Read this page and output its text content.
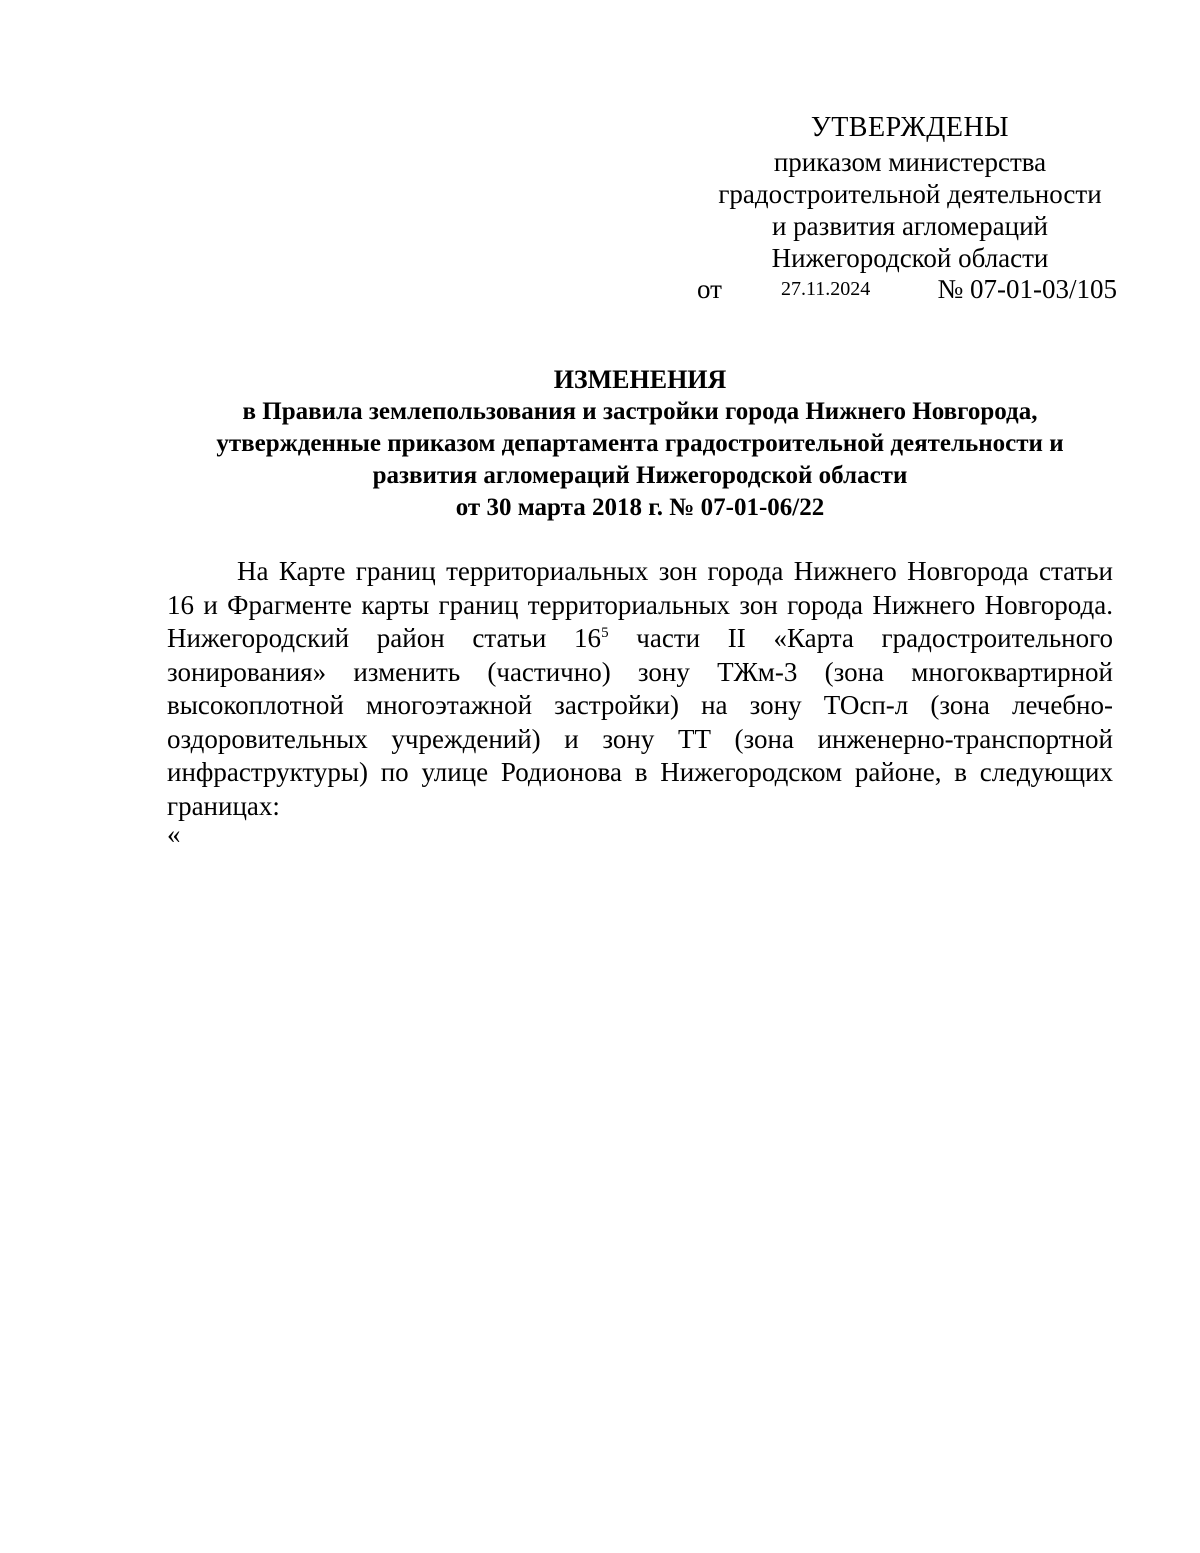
УТВЕРЖДЕНЫ
приказом министерства
градостроительной деятельности
и развития агломераций
Нижегородской области
от	27.11.2024 № 07-01-03/105
ИЗМЕНЕНИЯ
в Правила землепользования и застройки города Нижнего Новгорода,
утвержденные приказом департамента градостроительной деятельности и
развития агломераций Нижегородской области
от 30 марта 2018 г. № 07-01-06/22

На Карте границ территориальных зон города Нижнего Новгорода статьи 16 и Фрагменте карты границ территориальных зон города Нижнего Новгорода. Нижегородский район статьи $16^5$ части II «Карта градостроительного зонирования» изменить (частично) зону ТЖм-3 (зона многоквартирной высокоплотной многоэтажной застройки) на зону ТОсп-л (зона лечебно-оздоровительных учреждений) и зону ТТ (зона инженерно-транспортной инфраструктуры) по улице Родионова в Нижегородском районе, в следующих границах:

«
